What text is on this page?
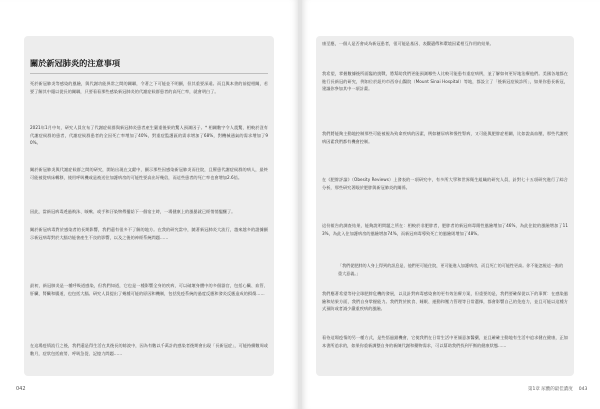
關於新冠肺炎的注意事項
死於新冠肺炎等感染的風險，與代謝功能異常之間的關聯，令著之下可能並不明顯，但其重要深遠。而且與本書的前提相關，若要了解其中隱以從長的關聯，只要看看那些感染新冠肺炎的代謝症候群患者的高死亡率，就會明白了。
2021年1月中旬，研究人員宣布了代謝症候群與新冠肺炎患者產生嚴重後果的驚人預測因子。* 相關數字令人震驚，相較於沒有代謝症候群的患者，代謝症候群患者的全因死亡率增加了40%，對重症監護區的需求增加了68%，對機械通氣的需求增加了90%。
關於新冠肺炎與代謝症候群之間的研究，開始出現在文獻中，顯示那些因感染新冠肺炎而住院，且罹患代謝症候群的病人，最終可能被從病床轉移，使用呼吸機或是被送往加護病房的可能性要高出好幾倍，而這些患者的死亡率也會增加2.6倍。
因此，當新冠病毒透過飛沫、咳嗽、或手和汙染物傳播給下一個宿主時，一場健康上的風暴就已經悄悄醞釀了。
關於新冠病毒對於感染者的長期影響，我們還有很多不了解的地方。在我的研究當中，隨著新冠肺炎大流行，越來越多的證據顯示新冠病毒對於大腦功能會產生不良的影響，以及之後的神經系統問題……
最初，新冠肺炎是一種呼吸道感染，但我們知道，它也是一種影響全身的疾病，可以破壞身體中的多個器官，包括心臟、血管、肝臟、腎臟和腸道，也包括大腦。研究人員提出了幾種可能的原因和機制，包括免疫系統的過度反應和發炎反應造成的損傷……
在這場疫情流行之後，我們還是得生活在其後長的餘波中，因為有數以千萬計的感染者後期會出現「長新冠症」，可能持續數周或數月，症狀包括疲勞、呼吸急促、記憶力問題……
042
康至應，一個人是否會成為新冠患者，很可能是基因、表觀遺傳和環境因素相互作用的結果。
我希望，掌握數據後所面臨的挑戰，將幫助我們更能預測哪些人比較可能患有重症病例，並了解如何更好地治療他們。美國各地都在進行長新冠的研究，例如位於紐約市西奈山醫院（Mount Sinai Hospital）等地，都設立了「後新冠症候診所」，如果你患長新冠，建議你參加其中一項計畫。
我們將能夠主動地控制那些可能被視為致命疾病的因素，例如糖尿病和慢性腎病，又可能與肥胖症相關，比如說高血壓，那些代謝疾病因素我們都有機會控制。
在《肥胖評論》（Obesity Reviews）上發表的一項研究中，有多所大學和世界衛生組織的研究人員，針對七十五項研究進行了綜合分析，那些研究著眼於肥胖與新冠肺炎的關係。
這份報告的調查結果，能夠說明問題之所在：相較於非肥胖者，肥胖者的新冠病毒陽性風險增加了46%，為此住院的風險增加了113%，為此入住加護病房的風險增加74%，而新冠病毒導致死亡的風險則增加了48%。
「我們從肥胖的人身上得到的訊息是，他們更可能住院，更可能進入加護病房，而且死亡的可能性更高。你不能忽視這一點的重大意義。」
我們應著希望等待全球肥胖危機的發展，以及針對病毒感染會的更有效治療方案，但重要的是，我們要確保從以下的事實：在感染風險和結果方面，我們自身掌握能力。我們對於飲食、睡眠、運動和壓力管理等日常選擇，都會影響自己的免疫力，並且可能以這種方式預防或者減少嚴重疾病的風險。
看待這場疫情的另一種方式，是些悟過錯機會，它使我們在日常生活中更傾意加醫藥，並且確確主動地有生活中追求健在健康，正如本書所追求的，如果你重新調整自身的新陳代謝和藥物需求，可以幫助我們找到平衡的健康狀態……
第1章 尿酸的最佳濃度 043
